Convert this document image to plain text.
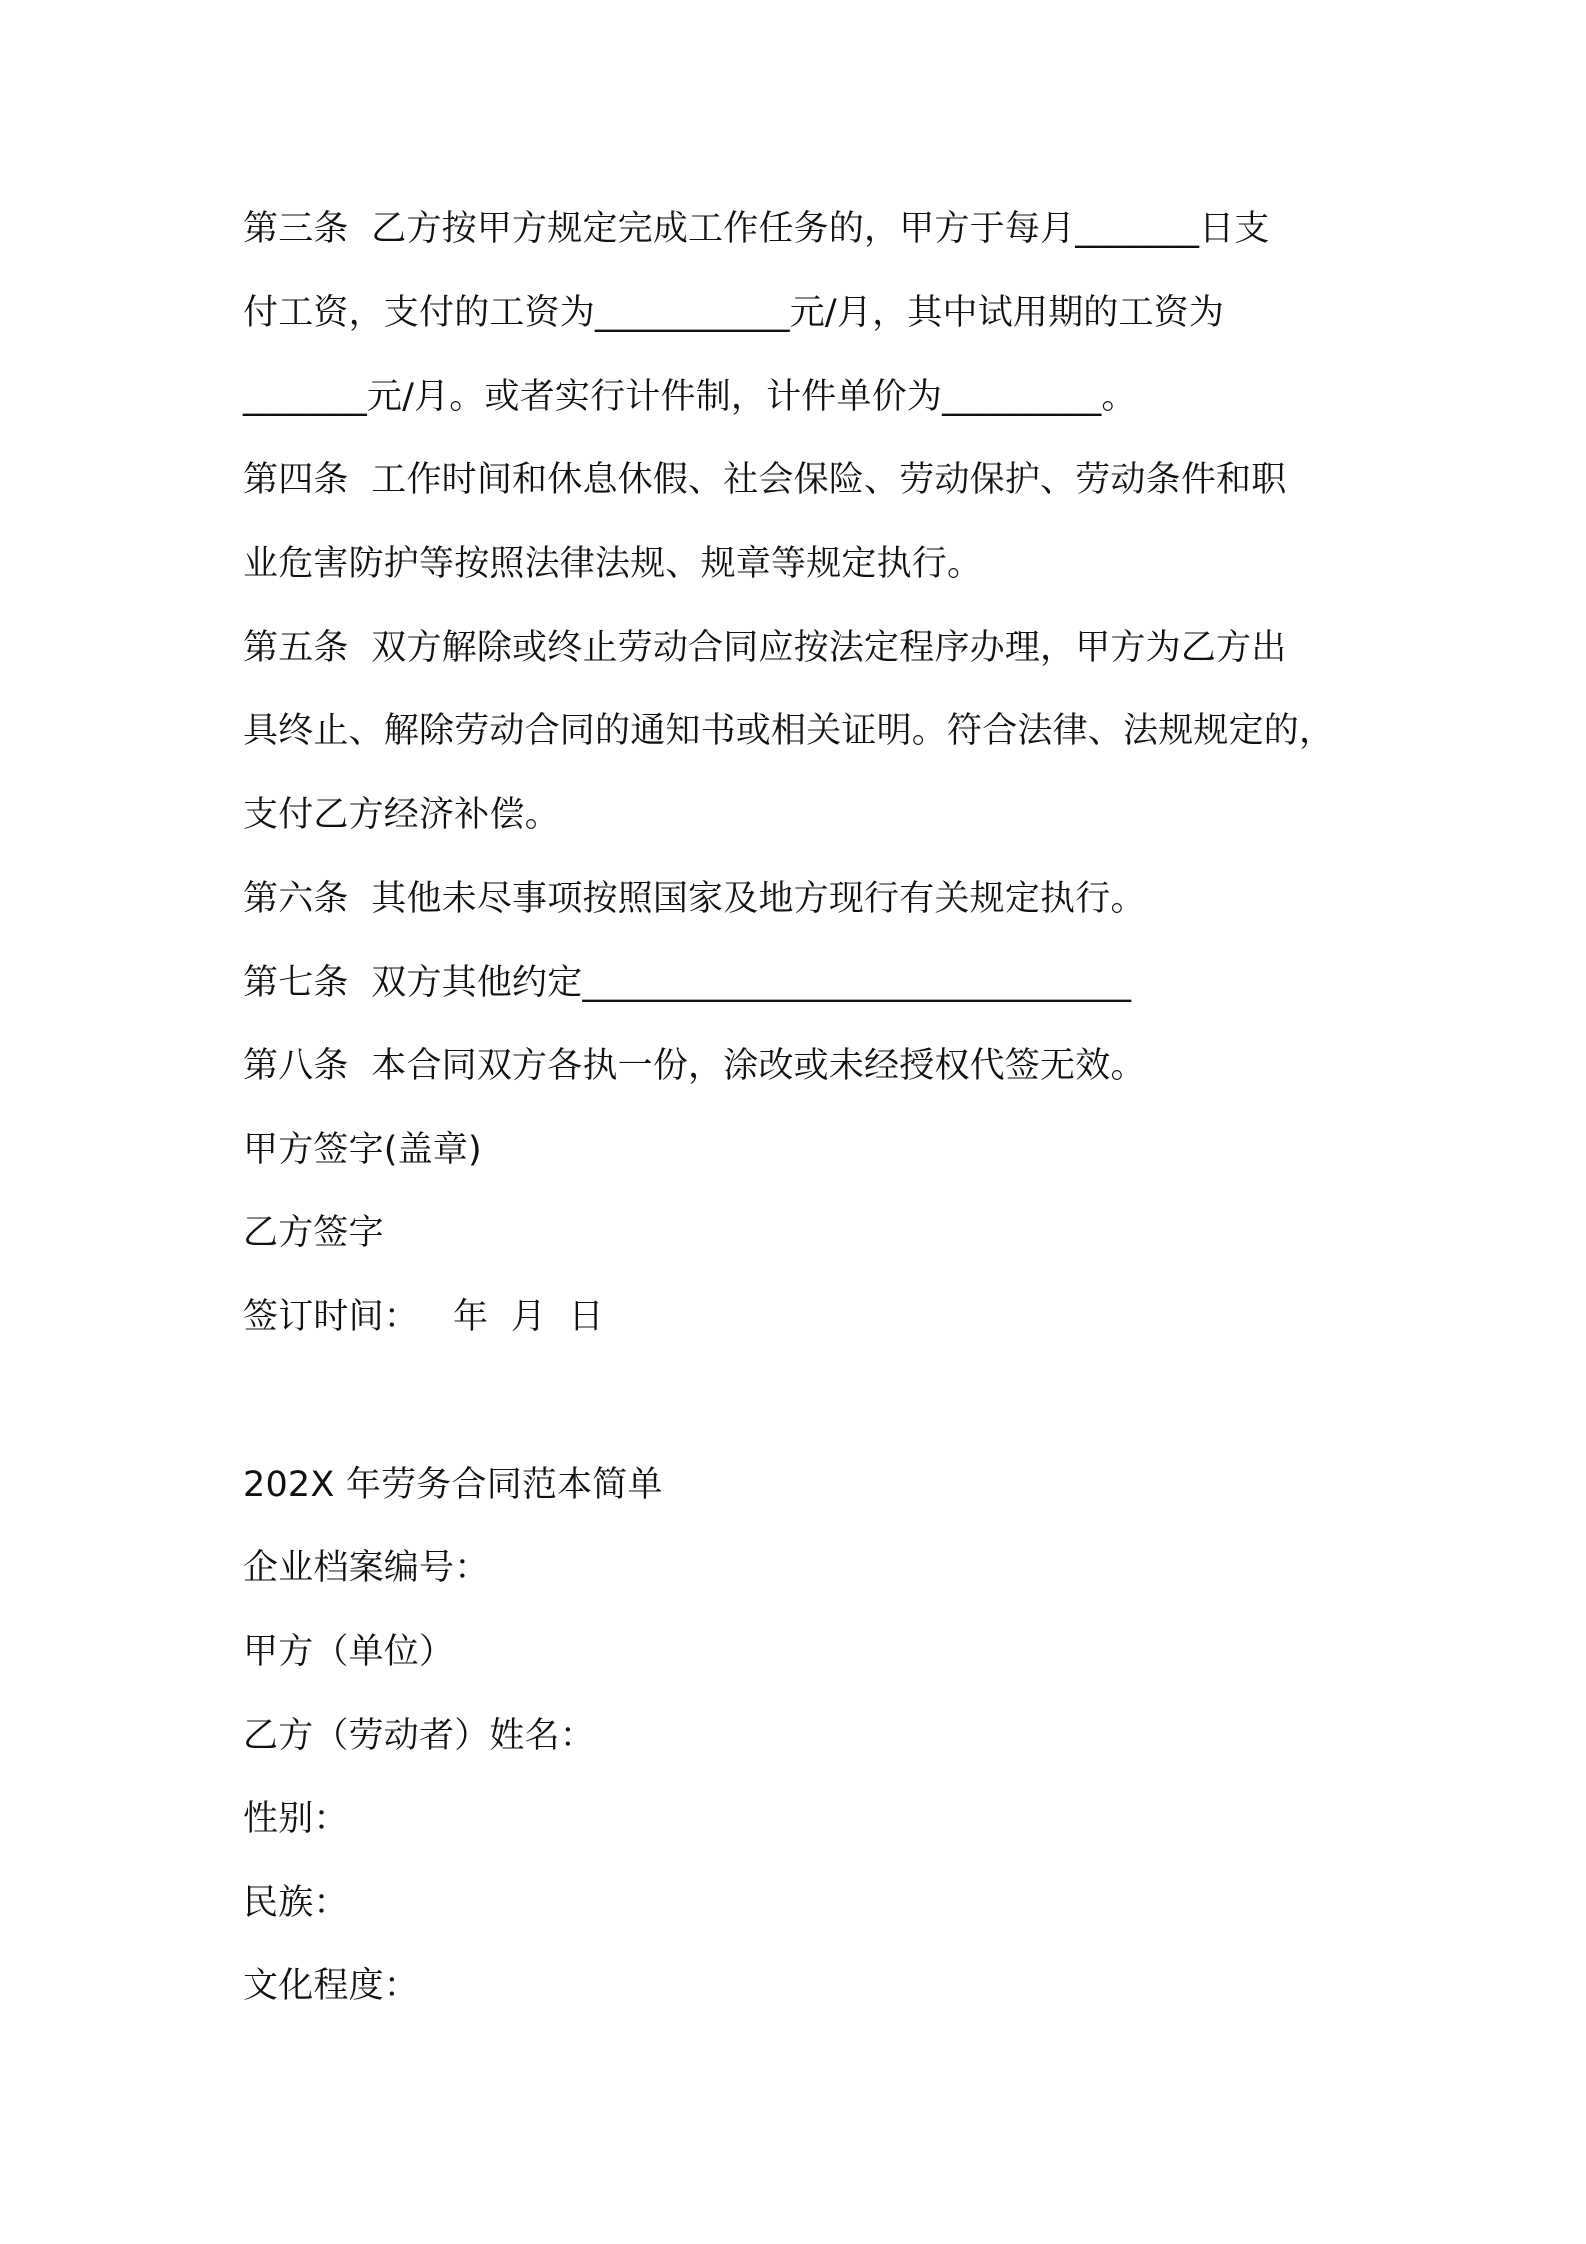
第三条  乙方按甲方规定完成工作任务的，甲方于每月_______日支
付工资，支付的工资为___________元/月，其中试用期的工资为
_______元/月。或者实行计件制，计件单价为_________。
第四条  工作时间和休息休假、社会保险、劳动保护、劳动条件和职
业危害防护等按照法律法规、规章等规定执行。
第五条  双方解除或终止劳动合同应按法定程序办理，甲方为乙方出
具终止、解除劳动合同的通知书或相关证明。符合法律、法规规定的，
支付乙方经济补偿。
第六条  其他未尽事项按照国家及地方现行有关规定执行。
第七条  双方其他约定_______________________________
第八条  本合同双方各执一份，涂改或未经授权代签无效。
甲方签字(盖章)
乙方签字
签订时间：   年  月  日
202X 年劳务合同范本简单
企业档案编号：
甲方（单位）
乙方（劳动者）姓名：
性别：
民族：
文化程度：
